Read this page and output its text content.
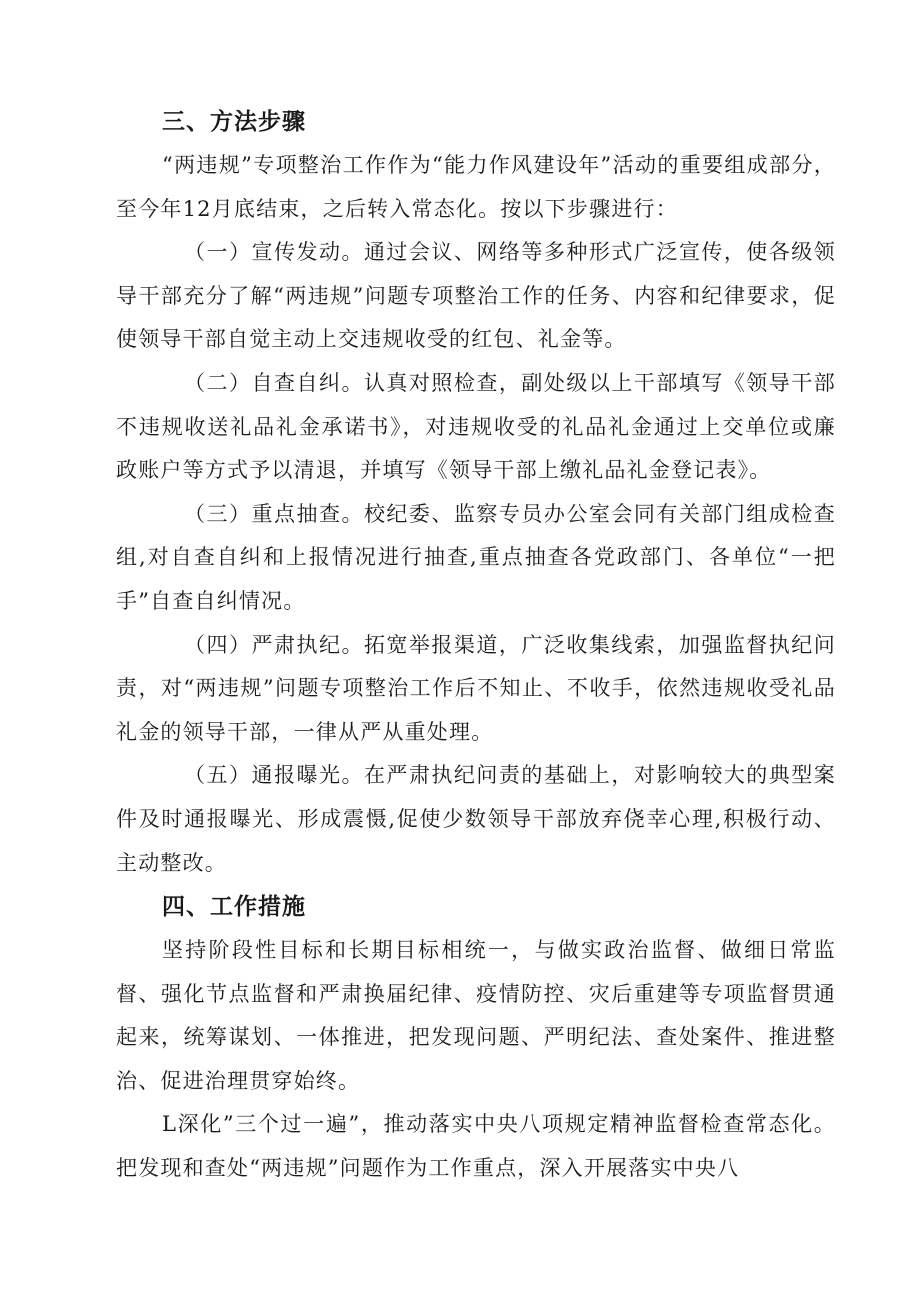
三、方法步骤

“两违规”专项整治工作作为“能力作风建设年”活动的重要组成部分，至今年12月底结束，之后转入常态化。按以下步骤进行：

（一）宣传发动。通过会议、网络等多种形式广泛宣传，使各级领导干部充分了解“两违规”问题专项整治工作的任务、内容和纪律要求，促使领导干部自觉主动上交违规收受的红包、礼金等。

（二）自查自纠。认真对照检查，副处级以上干部填写《领导干部不违规收送礼品礼金承诺书》，对违规收受的礼品礼金通过上交单位或廉政账户等方式予以清退，并填写《领导干部上缴礼品礼金登记表》。

（三）重点抽查。校纪委、监察专员办公室会同有关部门组成检查组,对自查自纠和上报情况进行抽查,重点抽查各党政部门、各单位“一把手”自查自纠情况。

（四）严肃执纪。拓宽举报渠道，广泛收集线索，加强监督执纪问责，对“两违规”问题专项整治工作后不知止、不收手，依然违规收受礼品礼金的领导干部，一律从严从重处理。

（五）通报曝光。在严肃执纪问责的基础上，对影响较大的典型案件及时通报曝光、形成震慑,促使少数领导干部放弃侥幸心理,积极行动、主动整改。

四、工作措施

坚持阶段性目标和长期目标相统一，与做实政治监督、做细日常监督、强化节点监督和严肃换届纪律、疫情防控、灾后重建等专项监督贯通起来，统筹谋划、一体推进，把发现问题、严明纪法、查处案件、推进整治、促进治理贯穿始终。

L深化”三个过一遍”，推动落实中央八项规定精神监督检查常态化。把发现和查处“两违规”问题作为工作重点，深入开展落实中央八
